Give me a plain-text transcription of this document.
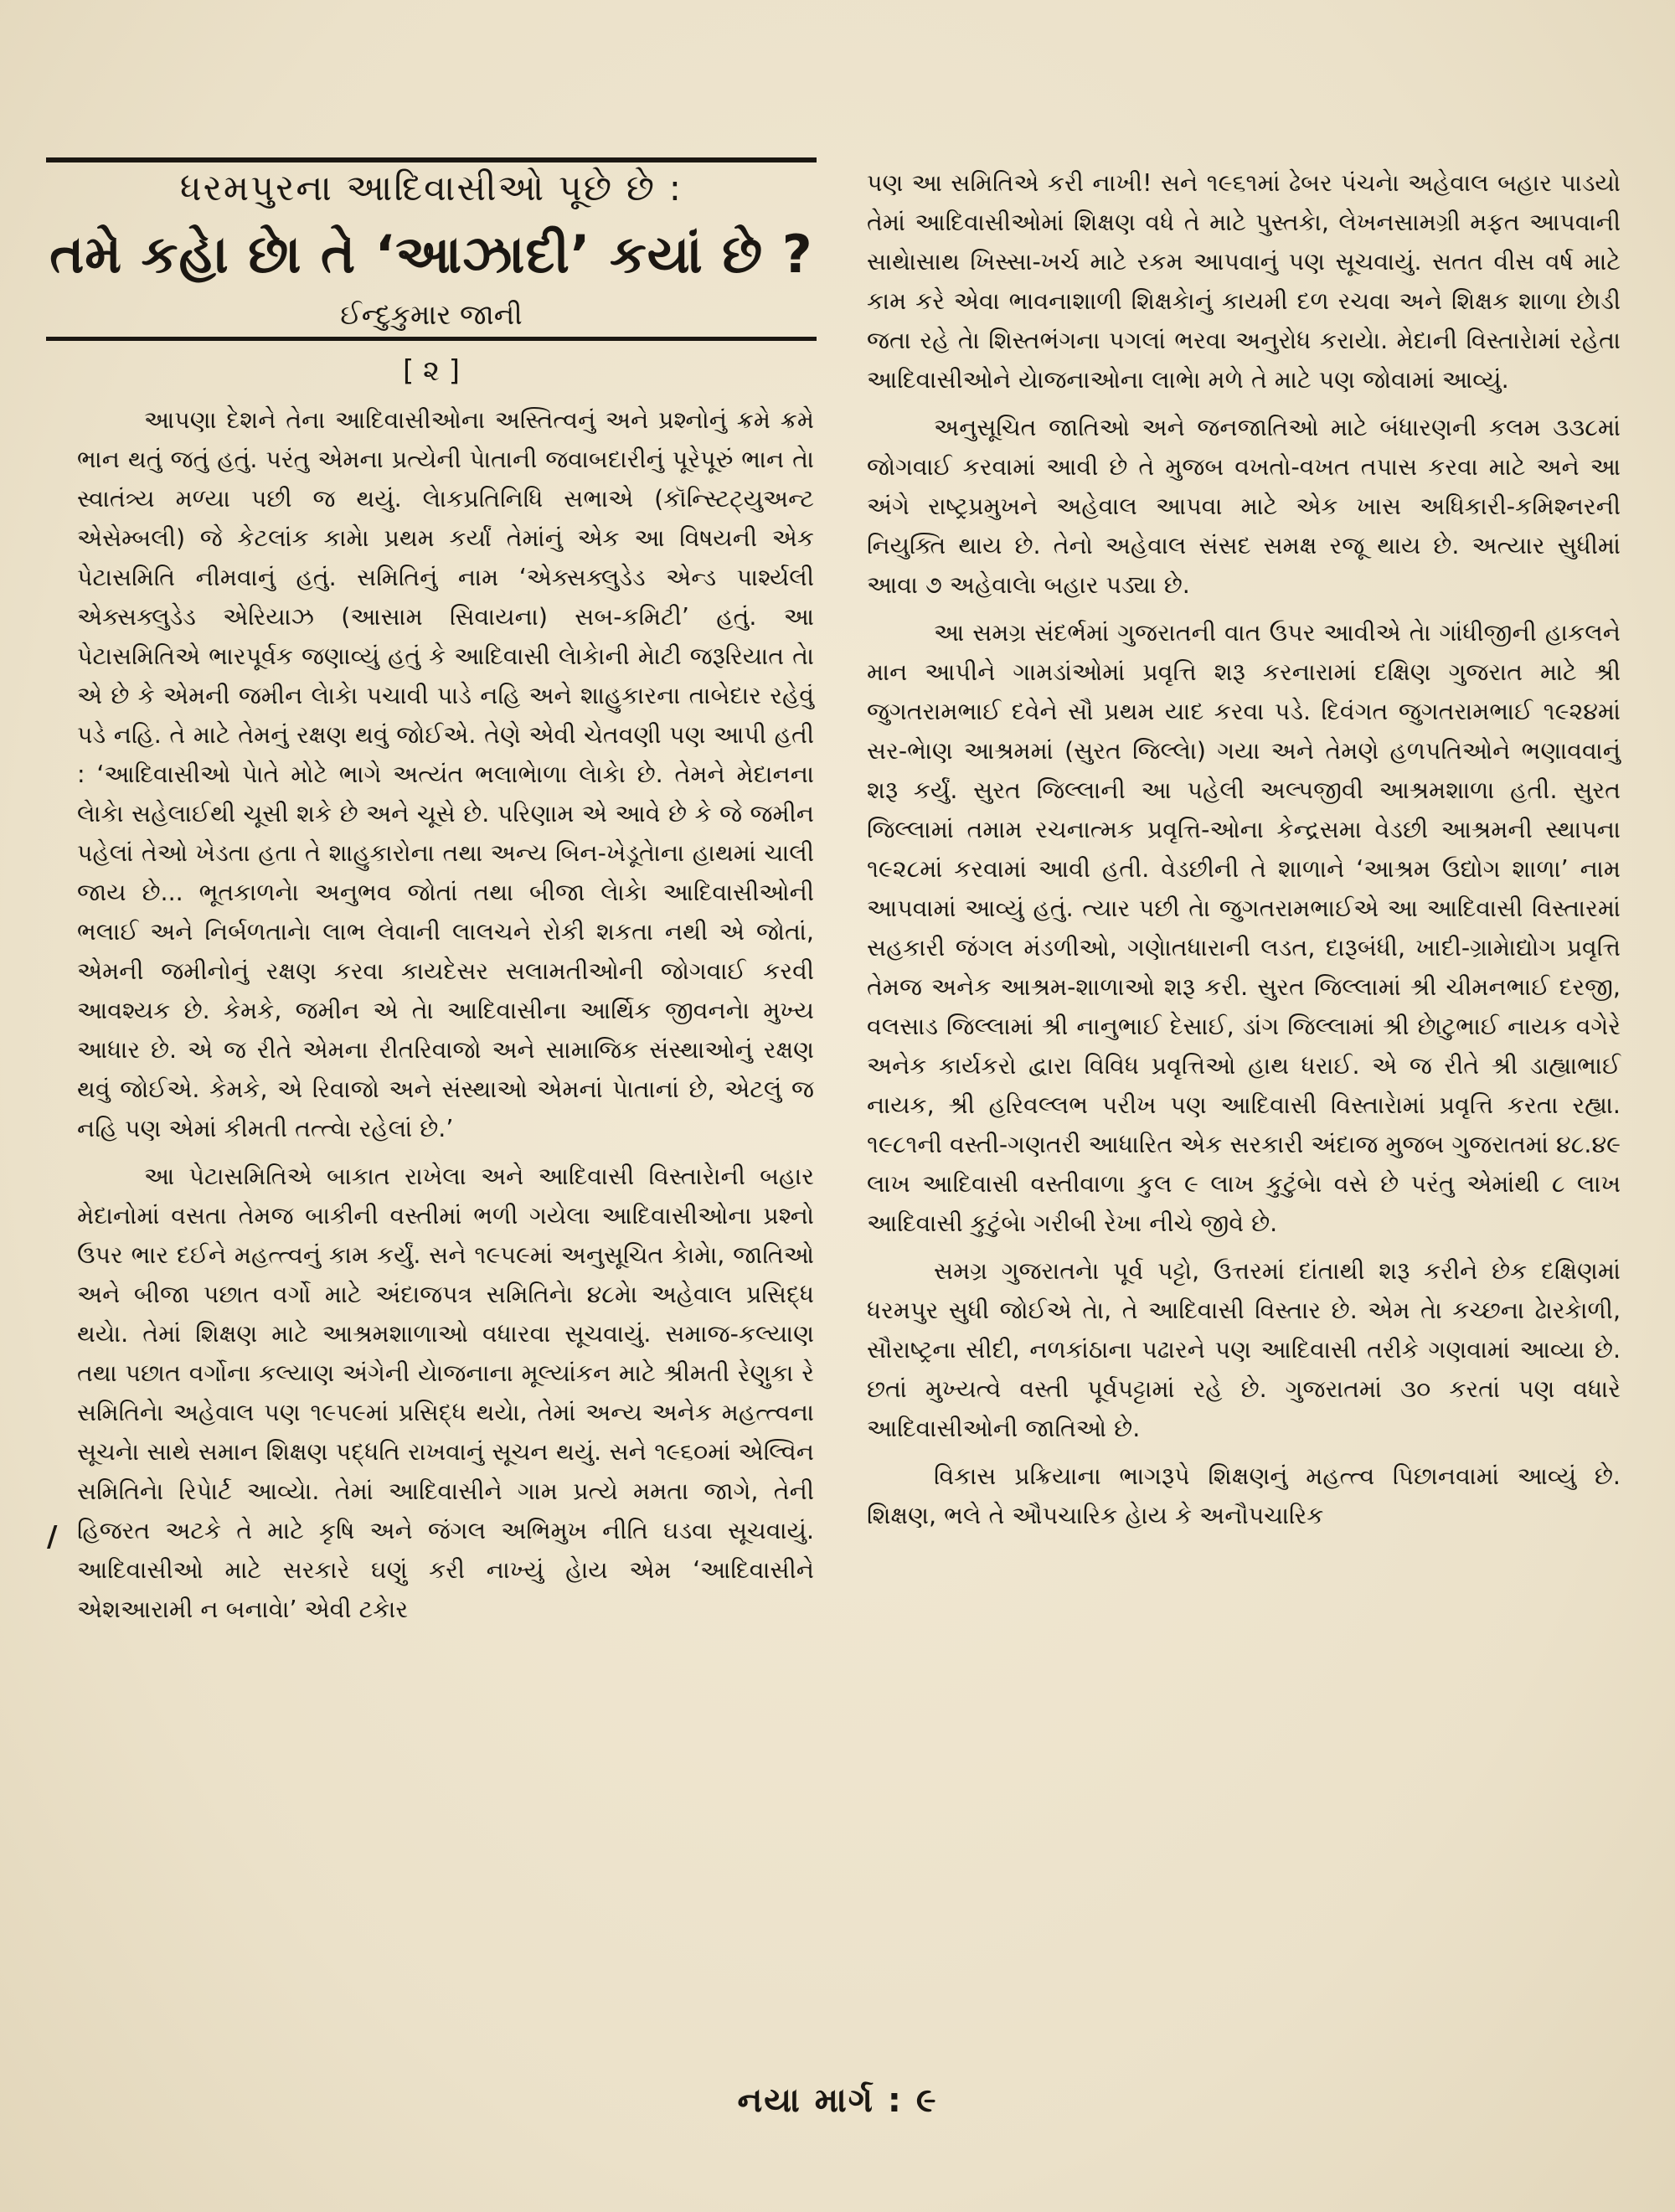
ધરમપુરના આદિવાસીઓ પૂછે છે :
તમે કહેા છેા તે ‘આઝાદી’ કયાં છે ?
ઈન્દુકુમાર જાની
[ ૨ ]
/

આપણા દેશને તેના આદિવાસીઓના અસ્તિત્વનું અને પ્રશ્નોનું ક્રમે ક્રમે ભાન થતું જતું હતું. પરંતુ એમના પ્રત્યેની પેાતાની જવાબદારીનું પૂરેપૂરું ભાન તેા સ્વાતંત્ર્ય મળ્યા પછી જ થયું. લેાકપ્રતિનિધિ સભાએ (કૉન્સ્ટિટ્યુઅન્ટ એસેમ્બલી) જે કેટલાંક કામેા પ્રથમ કર્યાં તેમાંનું એક આ વિષયની એક પેટાસમિતિ નીમવાનું હતું. સમિતિનું નામ ‘એક્સક્લુડેડ એન્ડ પાર્શ્યલી એક્સક્લુડેડ એરિયાઝ (આસામ સિવાયના) સબ-કમિટી’ હતું. આ પેટાસમિતિએ ભારપૂર્વક જણાવ્યું હતું કે આદિવાસી લેાકેાની મેાટી જરૂરિયાત તેા એ છે કે એમની જમીન લેાકેા પચાવી પાડે નહિ અને શાહુકારના તાબેદાર રહેવું પડે નહિ. તે માટે તેમનું રક્ષણ થવું જોઈએ. તેણે એવી ચેતવણી પણ આપી હતી : ‘આદિવાસીઓ પેાતે મોટે ભાગે અત્યંત ભલાભેાળા લેાકેા છે. તેમને મેદાનના લેાકેા સહેલાઈથી ચૂસી શકે છે અને ચૂસે છે. પરિણામ એ આવે છે કે જે જમીન પહેલાં તેઓ ખેડતા હતા તે શાહુકારોના તથા અન્ય બિન-ખેડૂતેાના હાથમાં ચાલી જાય છે... ભૂતકાળનેા અનુભવ જોતાં તથા બીજા લેાકેા આદિવાસીઓની ભલાઈ અને નિર્બળતાનેા લાભ લેવાની લાલચને રોકી શકતા નથી એ જોતાં, એમની જમીનોનું રક્ષણ કરવા કાયદેસર સલામતીઓની જોગવાઈ કરવી આવશ્યક છે. કેમકે, જમીન એ તેા આદિવાસીના આર્થિક જીવનનેા મુખ્ય આધાર છે. એ જ રીતે એમના રીતરિવાજો અને સામાજિક સંસ્થાઓનું રક્ષણ થવું જોઈએ. કેમકે, એ રિવાજો અને સંસ્થાઓ એમનાં પેાતાનાં છે, એટલું જ નહિ પણ એમાં કીમતી તત્ત્વેા રહેલાં છે.’

આ પેટાસમિતિએ બાકાત રાખેલા અને આદિવાસી વિસ્તારેાની બહાર મેદાનોમાં વસતા તેમજ બાકીની વસ્તીમાં ભળી ગયેલા આદિવાસીઓના પ્રશ્નો ઉપર ભાર દઈને મહત્ત્વનું કામ કર્યું. સને ૧૯૫૯માં અનુસૂચિત કેામેા, જાતિઓ અને બીજા પછાત વર્ગો માટે અંદાજપત્ર સમિતિનેા ૪૮મેા અહેવાલ પ્રસિદ્ધ થયેા. તેમાં શિક્ષણ માટે આશ્રમશાળાઓ વધારવા સૂચવાયું. સમાજ-કલ્યાણ તથા પછાત વર્ગોના કલ્યાણ અંગેની યેાજનાના મૂલ્યાંકન માટે શ્રીમતી રેણુકા રે સમિતિનેા અહેવાલ પણ ૧૯૫૯માં પ્રસિદ્ધ થયેા, તેમાં અન્ય અનેક મહત્ત્વના સૂચનેા સાથે સમાન શિક્ષણ પદ્ધતિ રાખવાનું સૂચન થયું. સને ૧૯૬૦માં એલ્વિન સમિતિનેા રિપેાર્ટ આવ્યેા. તેમાં આદિવાસીને ગામ પ્રત્યે મમતા જાગે, તેની હિજરત અટકે તે માટે કૃષિ અને જંગલ અભિમુખ નીતિ ઘડવા સૂચવાયું. આદિવાસીઓ માટે સરકારે ઘણું કરી નાખ્યું હેાય એમ ‘આદિવાસીને એશઆરામી ન બનાવેા’ એવી ટકેાર

પણ આ સમિતિએ કરી નાખી! સને ૧૯૬૧માં ઢેબર પંચનેા અહેવાલ બહાર પાડયો તેમાં આદિવાસીઓમાં શિક્ષણ વધે તે માટે પુસ્તકેા, લેખનસામગ્રી મફત આપવાની સાથેાસાથ ખિસ્સા-ખર્ચ માટે રકમ આપવાનું પણ સૂચવાયું. સતત વીસ વર્ષ માટે કામ કરે એવા ભાવનાશાળી શિક્ષકેાનું કાયમી દળ રચવા અને શિક્ષક શાળા છેાડી જતા રહે તેા શિસ્તભંગના પગલાં ભરવા અનુરોધ કરાયેા. મેદાની વિસ્તારેામાં રહેતા આદિવાસીઓને યેાજનાઓના લાભેા મળે તે માટે પણ જોવામાં આવ્યું.

અનુસૂચિત જાતિઓ અને જનજાતિઓ માટે બંધારણની કલમ ૩૩૮માં જોગવાઈ કરવામાં આવી છે તે મુજબ વખતો-વખત તપાસ કરવા માટે અને આ અંગે રાષ્ટ્રપ્રમુખને અહેવાલ આપવા માટે એક ખાસ અધિકારી-કમિશ્નરની નિયુક્તિ થાય છે. તેનો અહેવાલ સંસદ સમક્ષ રજૂ થાય છે. અત્યાર સુધીમાં આવા ૭ અહેવાલેા બહાર પડ્યા છે.

આ સમગ્ર સંદર્ભમાં ગુજરાતની વાત ઉપર આવીએ તેા ગાંધીજીની હાકલને માન આપીને ગામડાંઓમાં પ્રવૃત્તિ શરૂ કરનારામાં દક્ષિણ ગુજરાત માટે શ્રી જુગતરામભાઈ દવેને સૌ પ્રથમ યાદ કરવા પડે. દિવંગત જુગતરામભાઈ ૧૯૨૪માં સર-ભેાણ આશ્રમમાં (સુરત જિલ્લેા) ગયા અને તેમણે હળપતિઓને ભણાવવાનું શરૂ કર્યું. સુરત જિલ્લાની આ પહેલી અલ્પજીવી આશ્રમશાળા હતી. સુરત જિલ્લામાં તમામ રચનાત્મક પ્રવૃત્તિ-ઓના કેન્દ્રસમા વેડછી આશ્રમની સ્થાપના ૧૯૨૮માં કરવામાં આવી હતી. વેડછીની તે શાળાને ‘આશ્રમ ઉદ્યોગ શાળા’ નામ આપવામાં આવ્યું હતું. ત્યાર પછી તેા જુગતરામભાઈએ આ આદિવાસી વિસ્તારમાં સહકારી જંગલ મંડળીઓ, ગણેાતધારાની લડત, દારૂબંધી, ખાદી-ગ્રામેાદ્યોગ પ્રવૃત્તિ તેમજ અનેક આશ્રમ-શાળાઓ શરૂ કરી. સુરત જિલ્લામાં શ્રી ચીમનભાઈ દરજી, વલસાડ જિલ્લામાં શ્રી નાનુભાઈ દેસાઈ, ડાંગ જિલ્લામાં શ્રી છેાટુભાઈ નાયક વગેરે અનેક કાર્યકરો દ્વારા વિવિધ પ્રવૃત્તિઓ હાથ ધરાઈ. એ જ રીતે શ્રી ડાહ્યાભાઈ નાયક, શ્રી હરિવલ્લભ પરીખ પણ આદિવાસી વિસ્તારેામાં પ્રવૃત્તિ કરતા રહ્યા. ૧૯૮૧ની વસ્તી-ગણતરી આધારિત એક સરકારી અંદાજ મુજબ ગુજરાતમાં ૪૮.૪૯ લાખ આદિવાસી વસ્તીવાળા કુલ ૯ લાખ કુટુંબેા વસે છે પરંતુ એમાંથી ૮ લાખ આદિવાસી કુટુંબેા ગરીબી રેખા નીચે જીવે છે.

સમગ્ર ગુજરાતનેા પૂર્વ પટ્ટો, ઉત્તરમાં દાંતાથી શરૂ કરીને છેક દક્ષિણમાં ધરમપુર સુધી જોઈએ તેા, તે આદિવાસી વિસ્તાર છે. એમ તેા કચ્છના ઢેારકેાળી, સૌરાષ્ટ્રના સીદી, નળકાંઠાના પઢારને પણ આદિવાસી તરીકે ગણવામાં આવ્યા છે. છતાં મુખ્યત્વે વસ્તી પૂર્વપટ્ટામાં રહે છે. ગુજરાતમાં ૩૦ કરતાં પણ વધારે આદિવાસીઓની જાતિઓ છે.

વિકાસ પ્રક્રિયાના ભાગરૂપે શિક્ષણનું મહત્ત્વ પિછાનવામાં આવ્યું છે. શિક્ષણ, ભલે તે ઔપચારિક હેાય કે અનૌપચારિક

નયા માર્ગ : ૯
